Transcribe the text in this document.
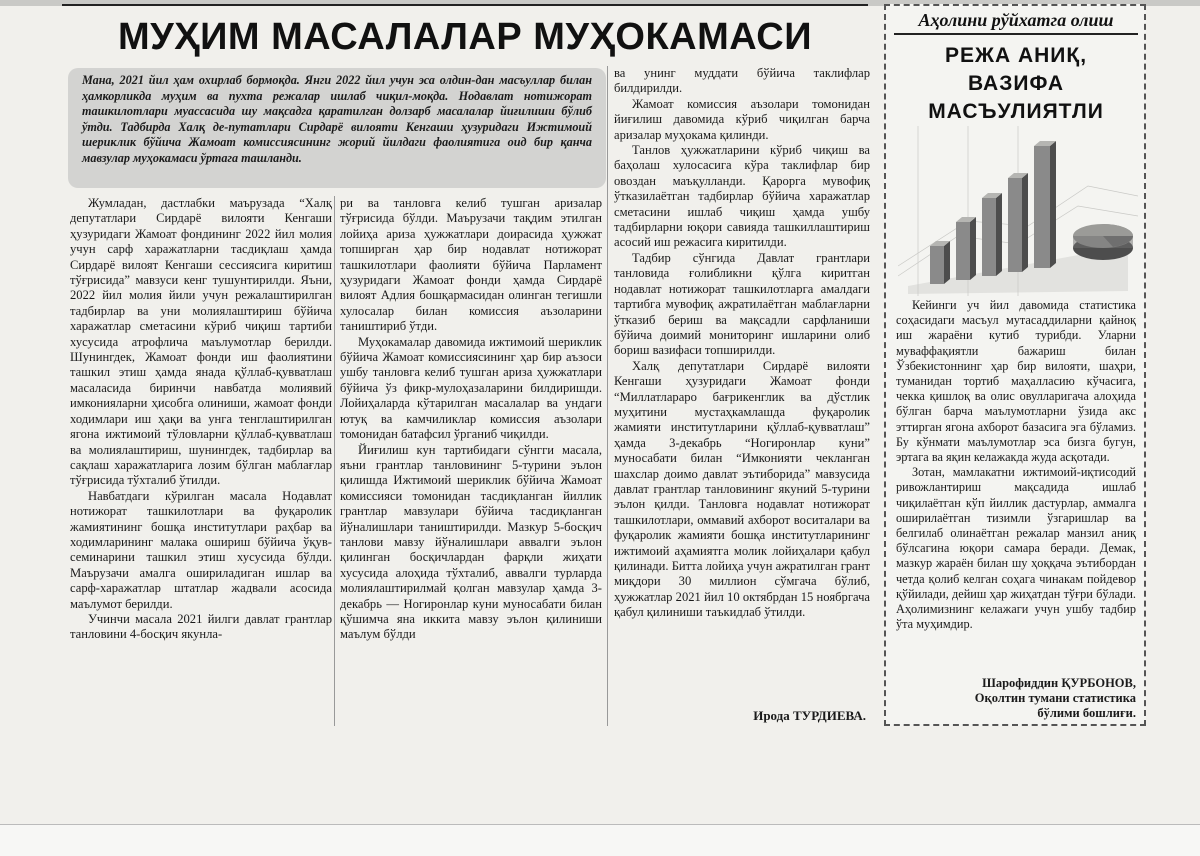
МУҲИМ МАСАЛАЛАР МУҲОКАМАСИ
Мана, 2021 йил ҳам охирлаб бормоқда. Янги 2022 йил учун эса олдин-дан масъуллар билан ҳамкорликда муҳим ва пухта режалар ишлаб чиқил-моқда. Нодавлат нотижорат ташкилотлари муассасида шу мақсадга қаратилган долзарб масалалар йиғилиши бўлиб ўтди. Тадбирда Халқ де-путатлари Сирдарё вилояти Кенгаши ҳузуридаги Ижтимоий шериклик бўйича Жамоат комиссиясининг жорий йилдаги фаолиятига оид бир қанча мавзулар муҳокамаси ўртага ташланди.

Жумладан, дастлабки маърузада “Халқ депутатлари Сирдарё вилояти Кенгаши ҳузуридаги Жамоат фондининг 2022 йил молия учун сарф харажатларни тасдиқлаш ҳамда Сирдарё вилоят Кенгаши сессиясига киритиш тўғрисида” мавзуси кенг тушунтирилди. Яъни, 2022 йил молия йили учун режалаштирилган тадбирлар ва уни молиялаштириш бўйича харажатлар сметасини кўриб чиқиш тартиби хусусида атрофлича маълумотлар берилди. Шунингдек, Жамоат фонди иш фаолиятини ташкил этиш ҳамда янада қўллаб-қувватлаш масаласида биринчи навбатда молиявий имконияларни ҳисобга олиниши, жамоат фонди ходимлари иш ҳақи ва унга тенглаштирилган ягона ижтимоий тўловларни қўллаб-қувватлаш ва молиялаштириш, шунингдек, тадбирлар ва сақлаш харажатларига лозим бўлган маблағлар тўғрисида тўхталиб ўтилди.

Навбатдаги кўрилган масала Нодавлат нотижорат ташкилотлари ва фуқаролик жамиятининг бошқа институтлари раҳбар ва ходимларининг малака ошириш бўйича ўқув-семинарини ташкил этиш хусусида бўлди. Маърузачи амалга ошириладиган ишлар ва сарф-харажатлар штатлар жадвали асосида маълумот берилди.

Учинчи масала 2021 йилги давлат грантлар танловини 4-босқич якунла-

ри ва танловга келиб тушган аризалар тўғрисида бўлди. Маърузачи тақдим этилган лойиҳа ариза ҳужжатлари доирасида ҳужжат топширган ҳар бир нодавлат нотижорат ташкилотлари фаолияти бўйича Парламент ҳузуридаги Жамоат фонди ҳамда Сирдарё вилоят Адлия бошқармасидан олинган тегишли хулосалар билан комиссия аъзоларини таништириб ўтди.

Муҳокамалар давомида ижтимоий шериклик бўйича Жамоат комиссиясининг ҳар бир аъзоси ушбу танловга келиб тушган ариза ҳужжатлари бўйича ўз фикр-мулоҳазаларини билдиришди. Лойиҳаларда кўтарилган масалалар ва ундаги ютуқ ва камчиликлар комиссия аъзолари томонидан батафсил ўрганиб чиқилди.

Йиғилиш кун тартибидаги сўнгги масала, яъни грантлар танловининг 5-турини эълон қилишда Ижтимоий шериклик бўйича Жамоат комиссияси томонидан тасдиқланган йиллик грантлар мавзулари бўйича тасдиқланган йўналишлари таништирилди. Мазкур 5-босқич танлови мавзу йўналишлари аввалги эълон қилинган босқичлардан фарқли жиҳати хусусида алоҳида тўхталиб, аввалги турларда молиялаштирилмай қолган мавзулар ҳамда 3-декабрь — Ногиронлар куни муносабати билан қўшимча яна иккита мавзу эълон қилиниши маълум бўлди

ва унинг муддати бўйича таклифлар билдирилди.

Жамоат комиссия аъзолари томонидан йиғилиш давомида кўриб чиқилган барча аризалар муҳокама қилинди.

Танлов ҳужжатларини кўриб чиқиш ва баҳолаш хулосасига кўра таклифлар бир овоздан маъқулланди. Қарорга мувофиқ ўтказилаётган тадбирлар бўйича харажатлар сметасини ишлаб чиқиш ҳамда ушбу тадбирларни юқори савияда ташкиллаштириш асосий иш режасига киритилди.

Тадбир сўнгида Давлат грантлари танловида ғолибликни қўлга киритган нодавлат нотижорат ташкилотларга амалдаги тартибга мувофиқ ажратилаётган маблағларни ўтказиб бериш ва мақсадли сарфланиши бўйича доимий мониторинг ишларини олиб бориш вазифаси топширилди.

Халқ депутатлари Сирдарё вилояти Кенгаши ҳузуридаги Жамоат фонди “Миллатлараро бағрикенглик ва дўстлик муҳитини мустаҳкамлашда фуқаролик жамияти институтларини қўллаб-қувватлаш” ҳамда 3-декабрь “Ногиронлар куни” муносабати билан “Имконияти чекланган шахслар доимо давлат эътиборида” мавзусида давлат грантлар танловининг якуний 5-турини эълон қилди. Танловга нодавлат нотижорат ташкилотлари, оммавий ахборот воситалари ва фуқаролик жамияти бошқа институтларининг ижтимоий аҳамиятга молик лойиҳалари қабул қилинади. Битта лойиҳа учун ажратилган грант миқдори 30 миллион сўмгача бўлиб, ҳужжатлар 2021 йил 10 октябрдан 15 ноябргача қабул қилиниши таъкидлаб ўтилди.

Ирода ТУРДИЕВА.
Аҳолини рўйхатга олиш
РЕЖА АНИҚ,
ВАЗИФА
МАСЪУЛИЯТЛИ

Кейинги уч йил давомида статистика соҳасидаги масъул мутасаддиларни қайноқ иш жараёни кутиб турибди. Уларни муваффақиятли бажариш билан Ўзбекистоннинг ҳар бир вилояти, шаҳри, туманидан тортиб маҳалласию кўчасига, чекка қишлоқ ва олис овулларигача алоҳида бўлган барча маълумотларни ўзида акс эттирган ягона ахборот базасига эга бўламиз. Бу кўнмати маълумотлар эса бизга бугун, эртага ва яқин келажакда жуда асқотади.

Зотан, мамлакатни ижтимоий-иқтисодий ривожлантириш мақсадида ишлаб чиқилаётган кўп йиллик дастурлар, аммалга оширилаётган тизимли ўзгаришлар ва белгилаб олинаётган режалар манзил аниқ бўлсагина юқори самара беради. Демак, мазкур жараён билан шу ҳоққача эътибордан четда қолиб келган соҳага чинакам пойдевор қўйилади, дейиш ҳар жиҳатдан тўғри бўлади. Аҳолимизнинг келажаги учун ушбу тадбир ўта муҳимдир.

Шарофиддин ҚУРБОНОВ,
Оқолтин тумани статистика
бўлими бошлиғи.
